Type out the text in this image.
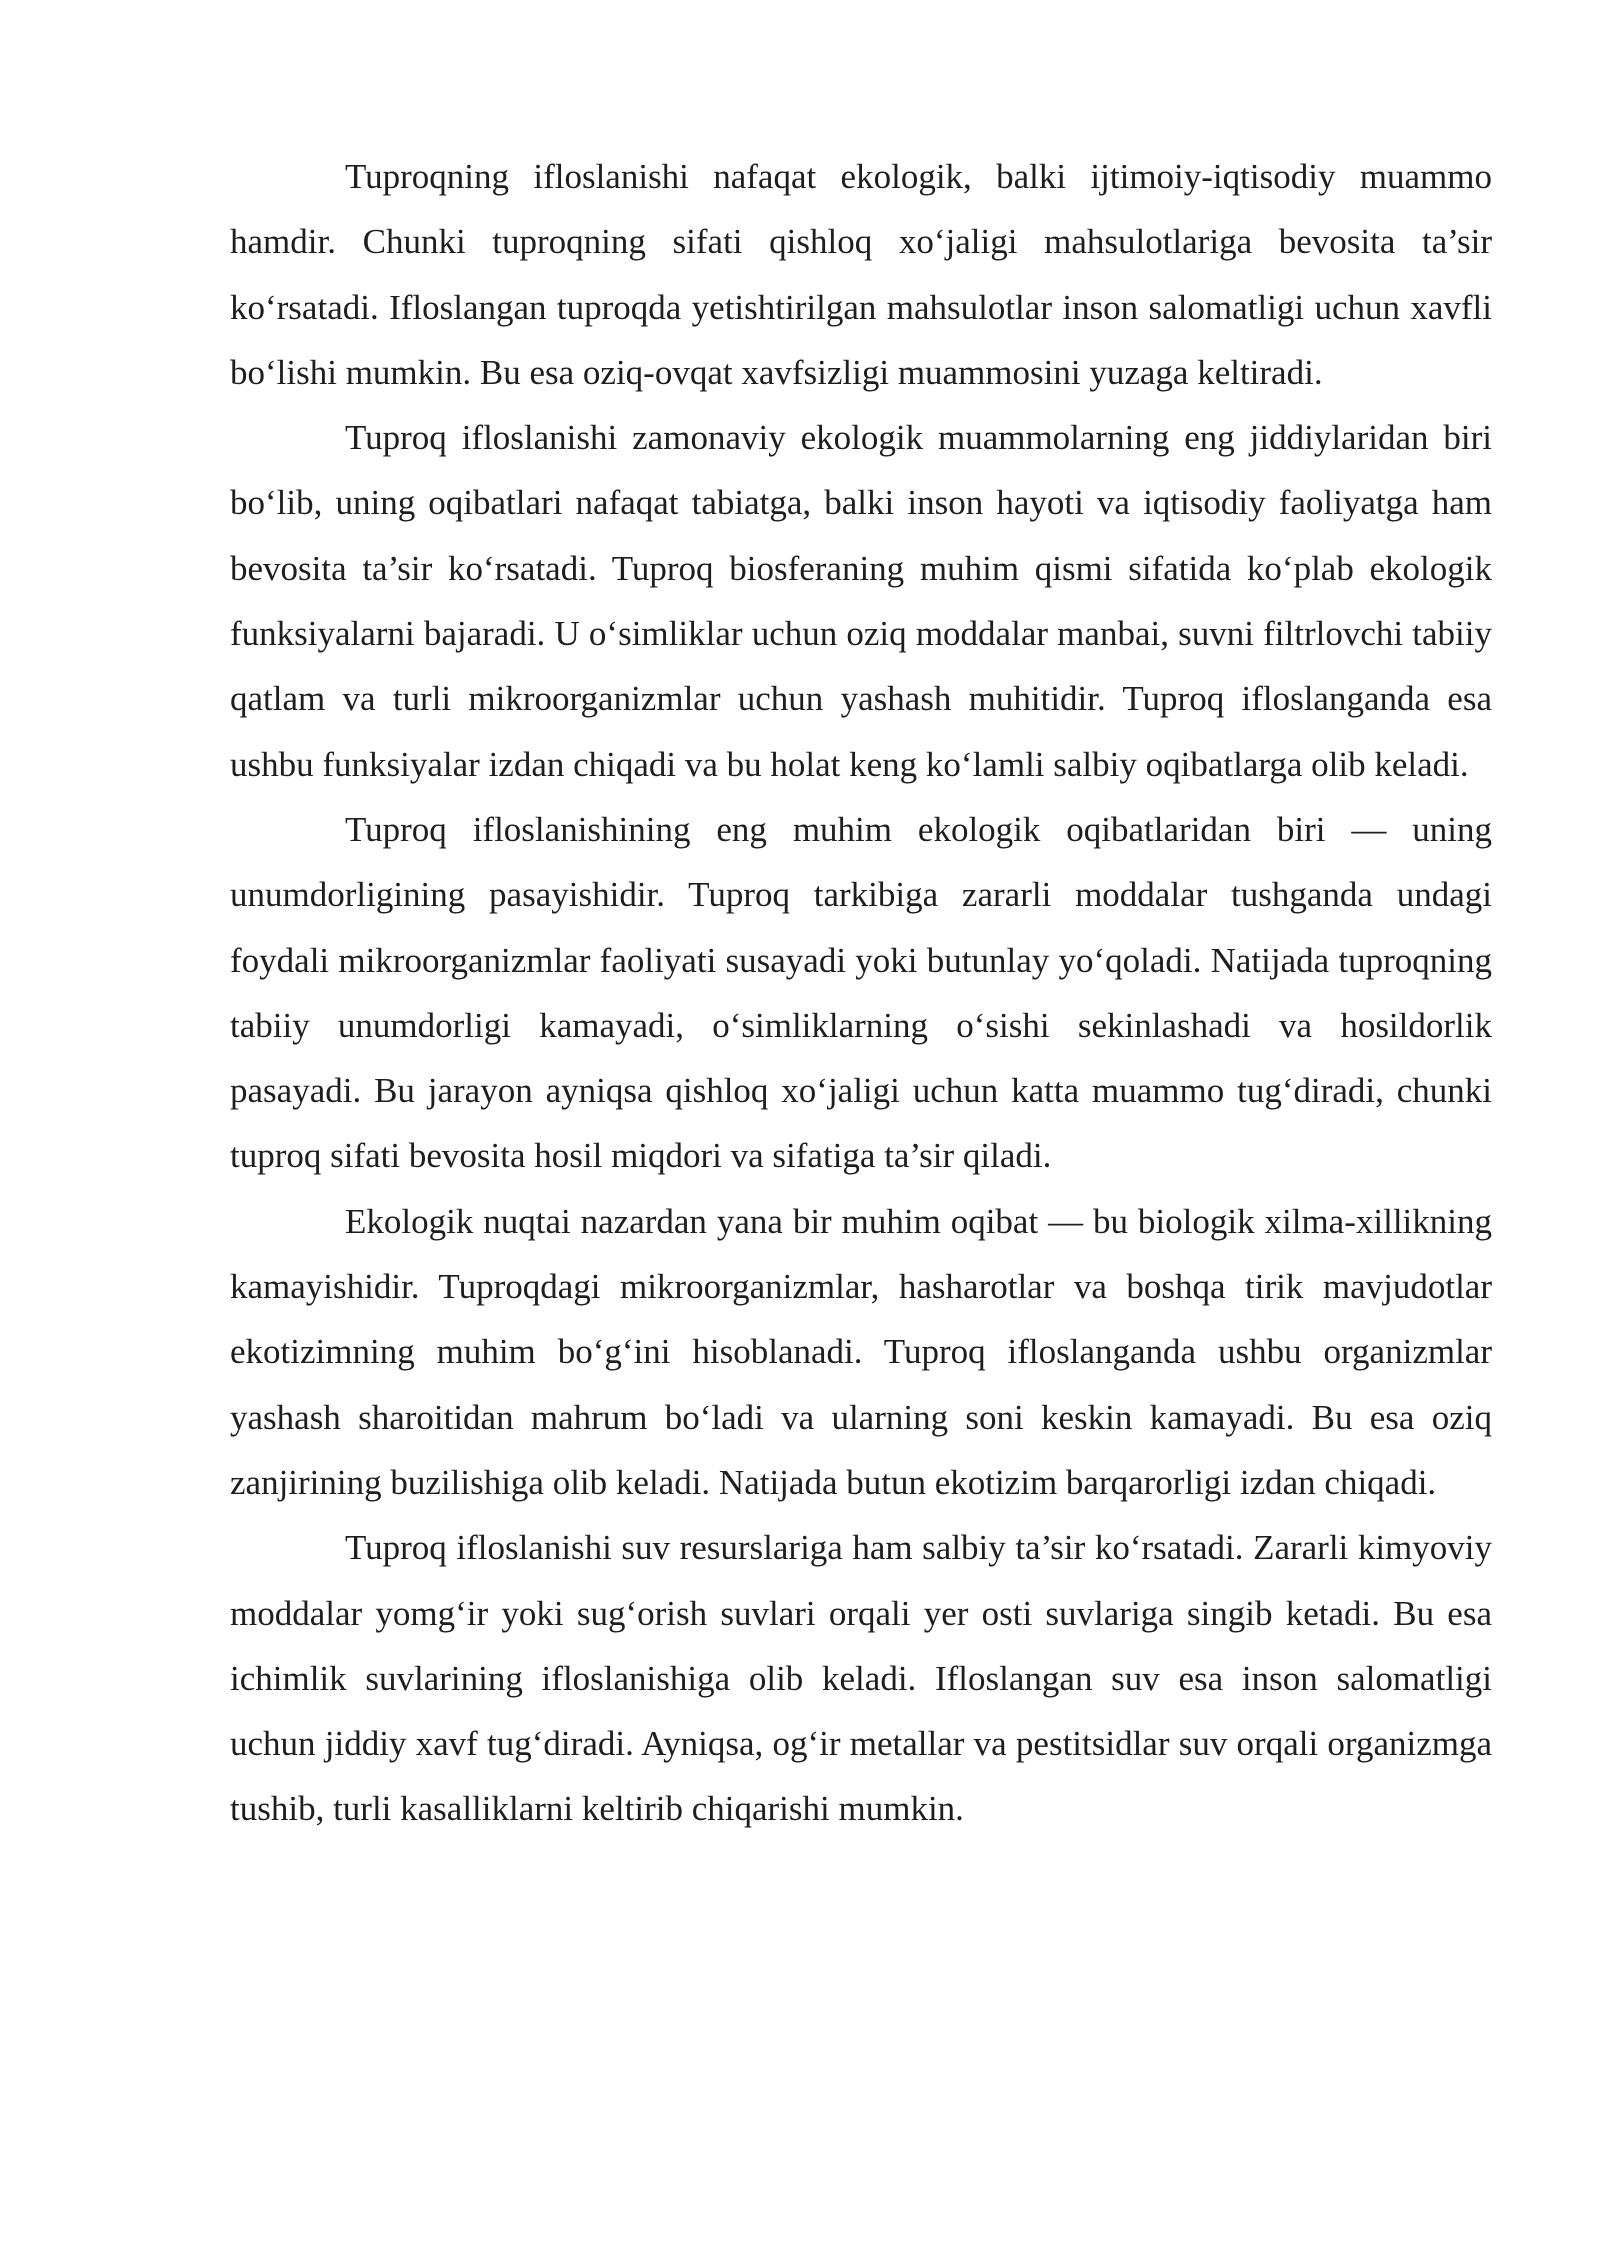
Tuproqning ifloslanishi nafaqat ekologik, balki ijtimoiy-iqtisodiy muammo hamdir. Chunki tuproqning sifati qishloq xo‘jaligi mahsulotlariga bevosita ta’sir ko‘rsatadi. Ifloslangan tuproqda yetishtirilgan mahsulotlar inson salomatligi uchun xavfli bo‘lishi mumkin. Bu esa oziq-ovqat xavfsizligi muammosini yuzaga keltiradi.

Tuproq ifloslanishi zamonaviy ekologik muammolarning eng jiddiylaridan biri bo‘lib, uning oqibatlari nafaqat tabiatga, balki inson hayoti va iqtisodiy faoliyatga ham bevosita ta’sir ko‘rsatadi. Tuproq biosferaning muhim qismi sifatida ko‘plab ekologik funksiyalarni bajaradi. U o‘simliklar uchun oziq moddalar manbai, suvni filtrlovchi tabiiy qatlam va turli mikroorganizmlar uchun yashash muhitidir. Tuproq ifloslanganda esa ushbu funksiyalar izdan chiqadi va bu holat keng ko‘lamli salbiy oqibatlarga olib keladi.

Tuproq ifloslanishining eng muhim ekologik oqibatlaridan biri — uning unumdorligining pasayishidir. Tuproq tarkibiga zararli moddalar tushganda undagi foydali mikroorganizmlar faoliyati susayadi yoki butunlay yo‘qoladi. Natijada tuproqning tabiiy unumdorligi kamayadi, o‘simliklarning o‘sishi sekinlashadi va hosildorlik pasayadi. Bu jarayon ayniqsa qishloq xo‘jaligi uchun katta muammo tug‘diradi, chunki tuproq sifati bevosita hosil miqdori va sifatiga ta’sir qiladi.

Ekologik nuqtai nazardan yana bir muhim oqibat — bu biologik xilma-xillikning kamayishidir. Tuproqdagi mikroorganizmlar, hasharotlar va boshqa tirik mavjudotlar ekotizimning muhim bo‘g‘ini hisoblanadi. Tuproq ifloslanganda ushbu organizmlar yashash sharoitidan mahrum bo‘ladi va ularning soni keskin kamayadi. Bu esa oziq zanjirining buzilishiga olib keladi. Natijada butun ekotizim barqarorligi izdan chiqadi.

Tuproq ifloslanishi suv resurslariga ham salbiy ta’sir ko‘rsatadi. Zararli kimyoviy moddalar yomg‘ir yoki sug‘orish suvlari orqali yer osti suvlariga singib ketadi. Bu esa ichimlik suvlarining ifloslanishiga olib keladi. Ifloslangan suv esa inson salomatligi uchun jiddiy xavf tug‘diradi. Ayniqsa, og‘ir metallar va pestitsidlar suv orqali organizmga tushib, turli kasalliklarni keltirib chiqarishi mumkin.
